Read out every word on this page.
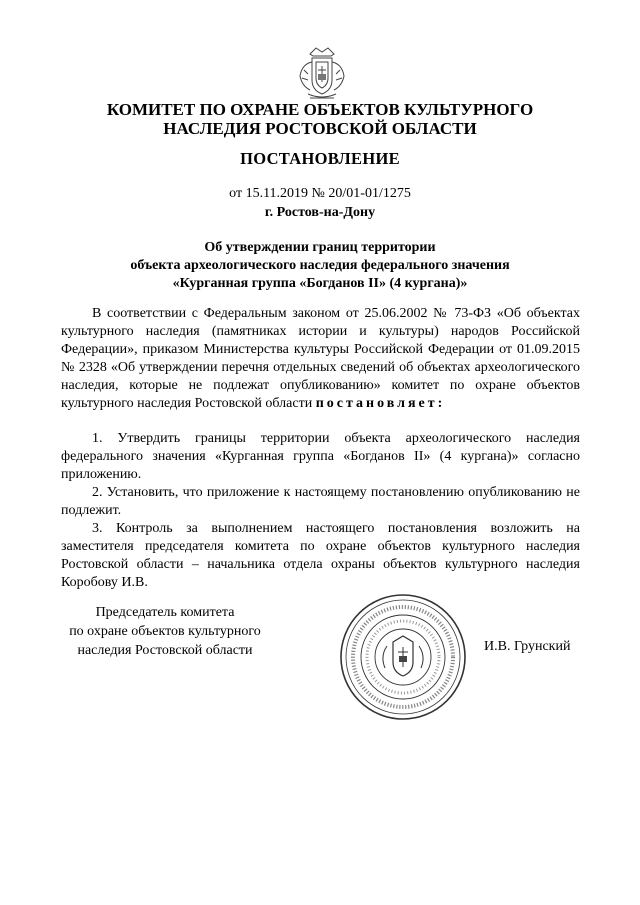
КОМИТЕТ ПО ОХРАНЕ ОБЪЕКТОВ КУЛЬТУРНОГО
НАСЛЕДИЯ РОСТОВСКОЙ ОБЛАСТИ
ПОСТАНОВЛЕНИЕ
от 15.11.2019 № 20/01-01/1275
г. Ростов-на-Дону
Об утверждении границ территории
объекта археологического наследия федерального значения
«Курганная группа «Богданов II» (4 кургана)»

В соответствии с Федеральным законом от 25.06.2002 № 73-ФЗ «Об объектах культурного наследия (памятниках истории и культуры) народов Российской Федерации», приказом Министерства культуры Российской Федерации от 01.09.2015 № 2328 «Об утверждении перечня отдельных сведений об объектах археологического наследия, которые не подлежат опубликованию» комитет по охране объектов культурного наследия Ростовской области постановляет:

1. Утвердить границы территории объекта археологического наследия федерального значения «Курганная группа «Богданов II» (4 кургана)» согласно приложению.

2. Установить, что приложение к настоящему постановлению опубликованию не подлежит.

3. Контроль за выполнением настоящего постановления возложить на заместителя председателя комитета по охране объектов культурного наследия Ростовской области – начальника отдела охраны объектов культурного наследия Коробову И.В.

Председатель комитета
по охране объектов культурного
наследия Ростовской области	И.В. Грунский
